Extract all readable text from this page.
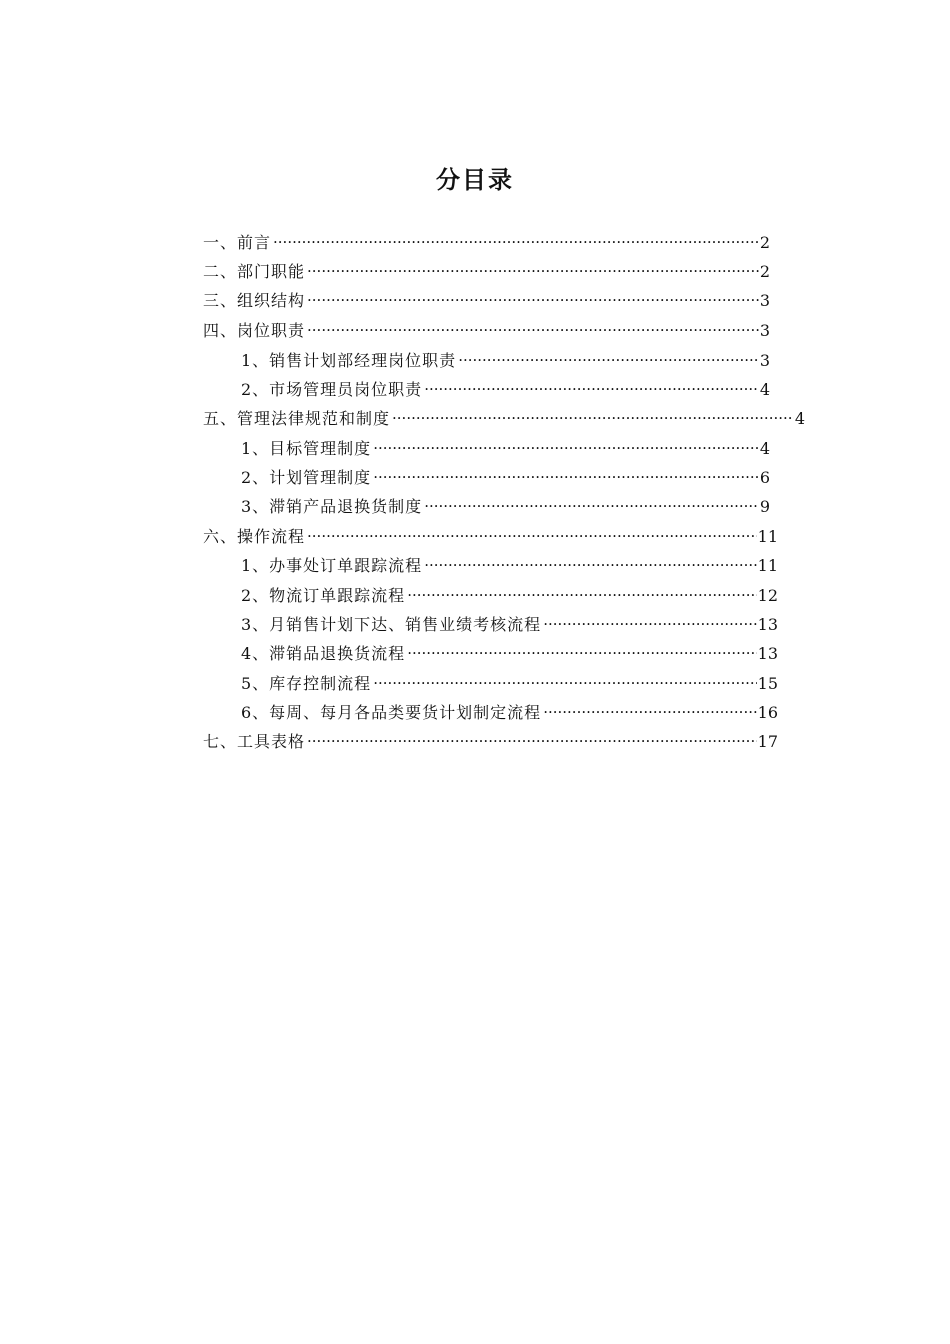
分目录
一、前言 ·····	2
二、部门职能 ·····	2
三、组织结构 ·····	3
四、岗位职责 ·····	3
1、销售计划部经理岗位职责 ·····	3
2、市场管理员岗位职责 ·····	4
五、管理法律规范和制度 ·····	4
1、目标管理制度 ·····	4
2、计划管理制度 ·····	6
3、滞销产品退换货制度 ·····	9
六、操作流程 ·····	11
1、办事处订单跟踪流程 ·····	11
2、物流订单跟踪流程 ·····	12
3、月销售计划下达、销售业绩考核流程 ·····	13
4、滞销品退换货流程 ·····	13
5、库存控制流程 ·····	15
6、每周、每月各品类要货计划制定流程 ·····	16
七、工具表格 ·····	17
